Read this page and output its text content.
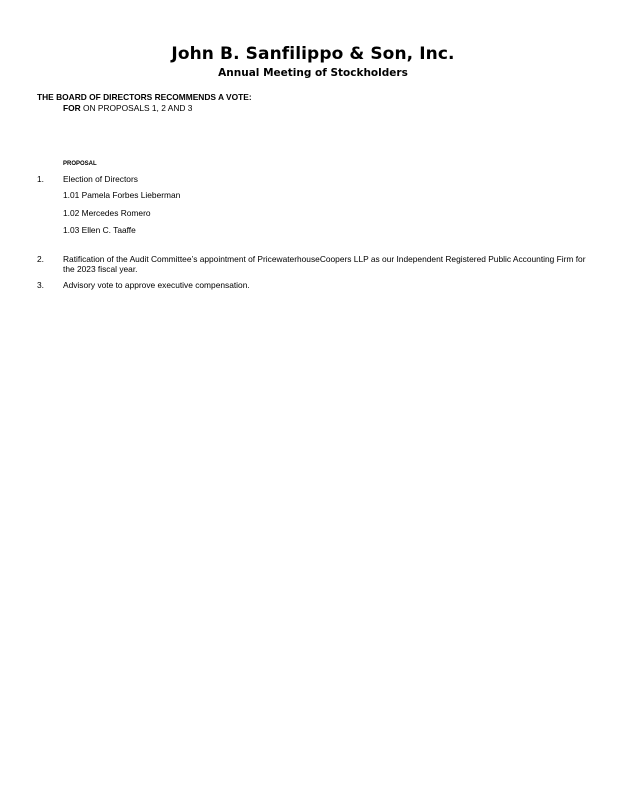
John B. Sanfilippo & Son, Inc.
Annual Meeting of Stockholders
THE BOARD OF DIRECTORS RECOMMENDS A VOTE:
FOR ON PROPOSALS 1, 2 AND 3
PROPOSAL
1. Election of Directors
1.01 Pamela Forbes Lieberman
1.02 Mercedes Romero
1.03 Ellen C. Taaffe
2. Ratification of the Audit Committee’s appointment of PricewaterhouseCoopers LLP as our Independent Registered Public Accounting Firm for the 2023 fiscal year.
3. Advisory vote to approve executive compensation.
